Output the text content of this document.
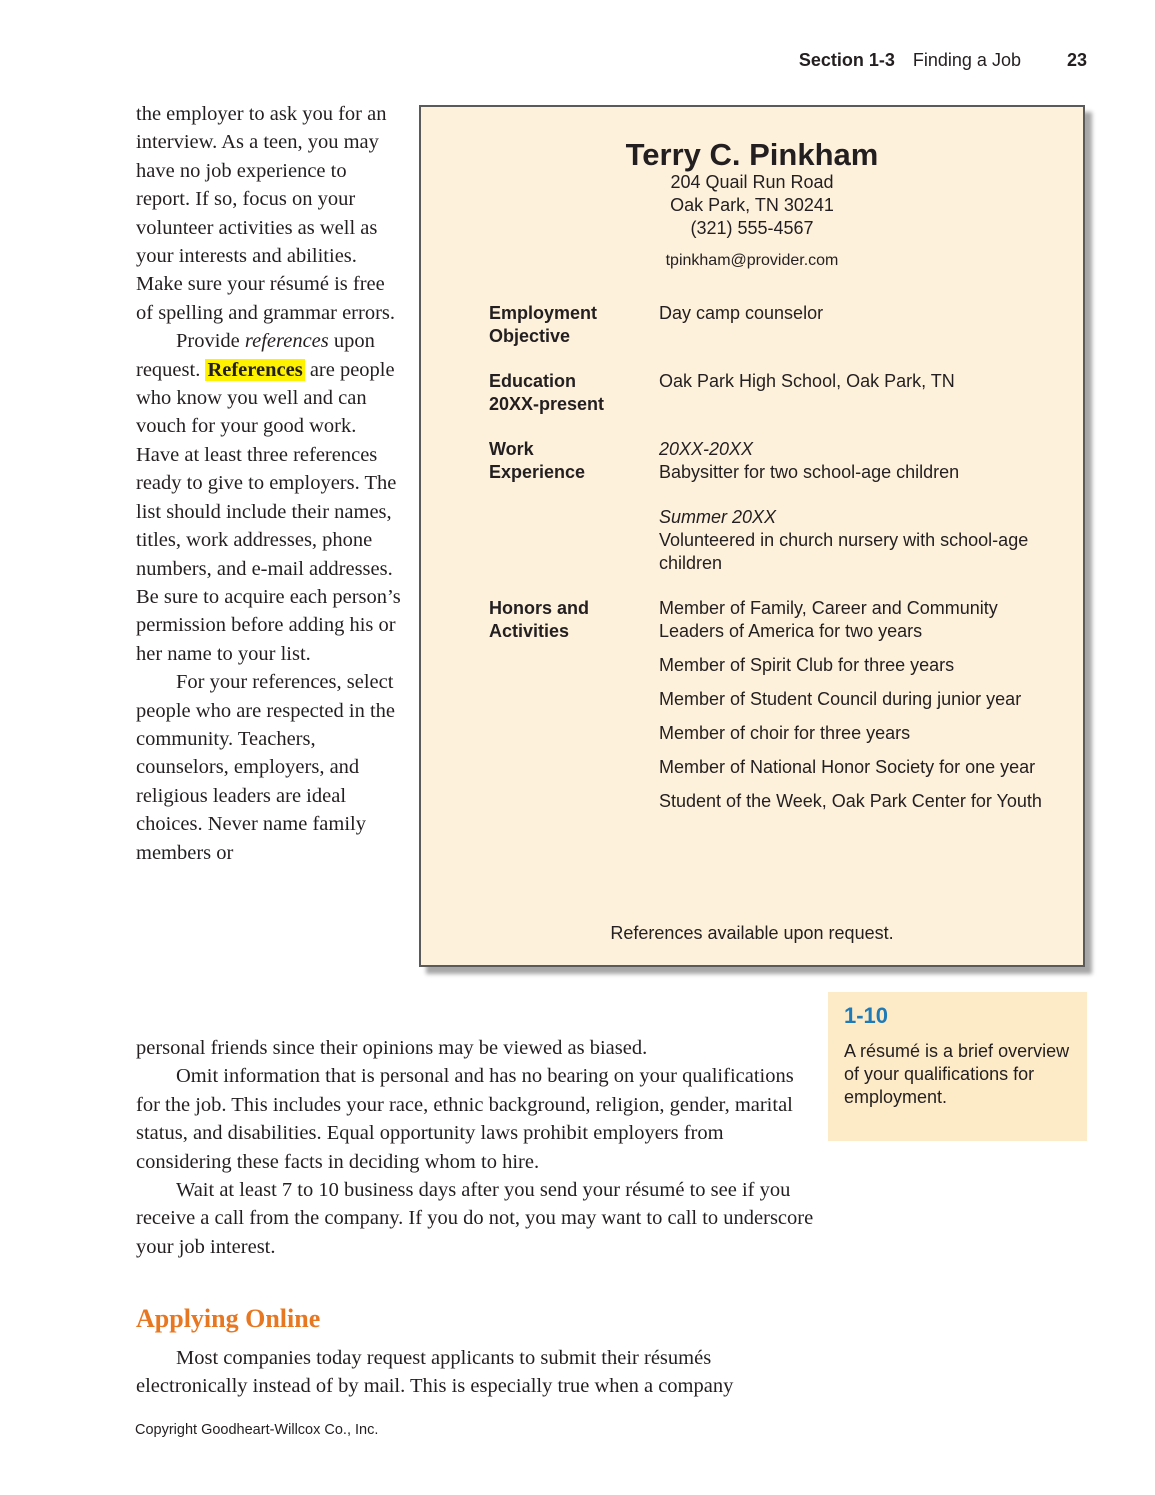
Section 1-3 Finding a Job	23

the employer to ask you for an interview. As a teen, you may have no job experience to report. If so, focus on your volunteer activities as well as your interests and abilities. Make sure your résumé is free of spelling and grammar errors.

Provide references upon request. References are people who know you well and can vouch for your good work. Have at least three references ready to give to employers. The list should include their names, titles, work addresses, phone numbers, and e-mail addresses. Be sure to acquire each person’s permission before adding his or her name to your list.

For your references, select people who are respected in the community. Teachers, counselors, employers, and religious leaders are ideal choices. Never name family members or

personal friends since their opinions may be viewed as biased.

Omit information that is personal and has no bearing on your qualifications for the job. This includes your race, ethnic background, religion, gender, marital status, and disabilities. Equal opportunity laws prohibit employers from considering these facts in deciding whom to hire.

Wait at least 7 to 10 business days after you send your résumé to see if you receive a call from the company. If you do not, you may want to call to underscore your job interest.

Applying Online

Most companies today request applicants to submit their résumés electronically instead of by mail. This is especially true when a company

Terry C. Pinkham
204 Quail Run Road
Oak Park, TN 30241
(321) 555-4567
tpinkham@provider.com
Employment
Objective
Day camp counselor
Education
20XX-present
Oak Park High School, Oak Park, TN
Work
Experience
20XX-20XX
Babysitter for two school-age children
Summer 20XX
Volunteered in church nursery with school-age children
Honors and
Activities
Member of Family, Career and Community Leaders of America for two years
Member of Spirit Club for three years
Member of Student Council during junior year
Member of choir for three years
Member of National Honor Society for one year
Student of the Week, Oak Park Center for Youth
References available upon request.
1-10
A résumé is a brief overview of your qualifications for employment.
Copyright Goodheart-Willcox Co., Inc.
